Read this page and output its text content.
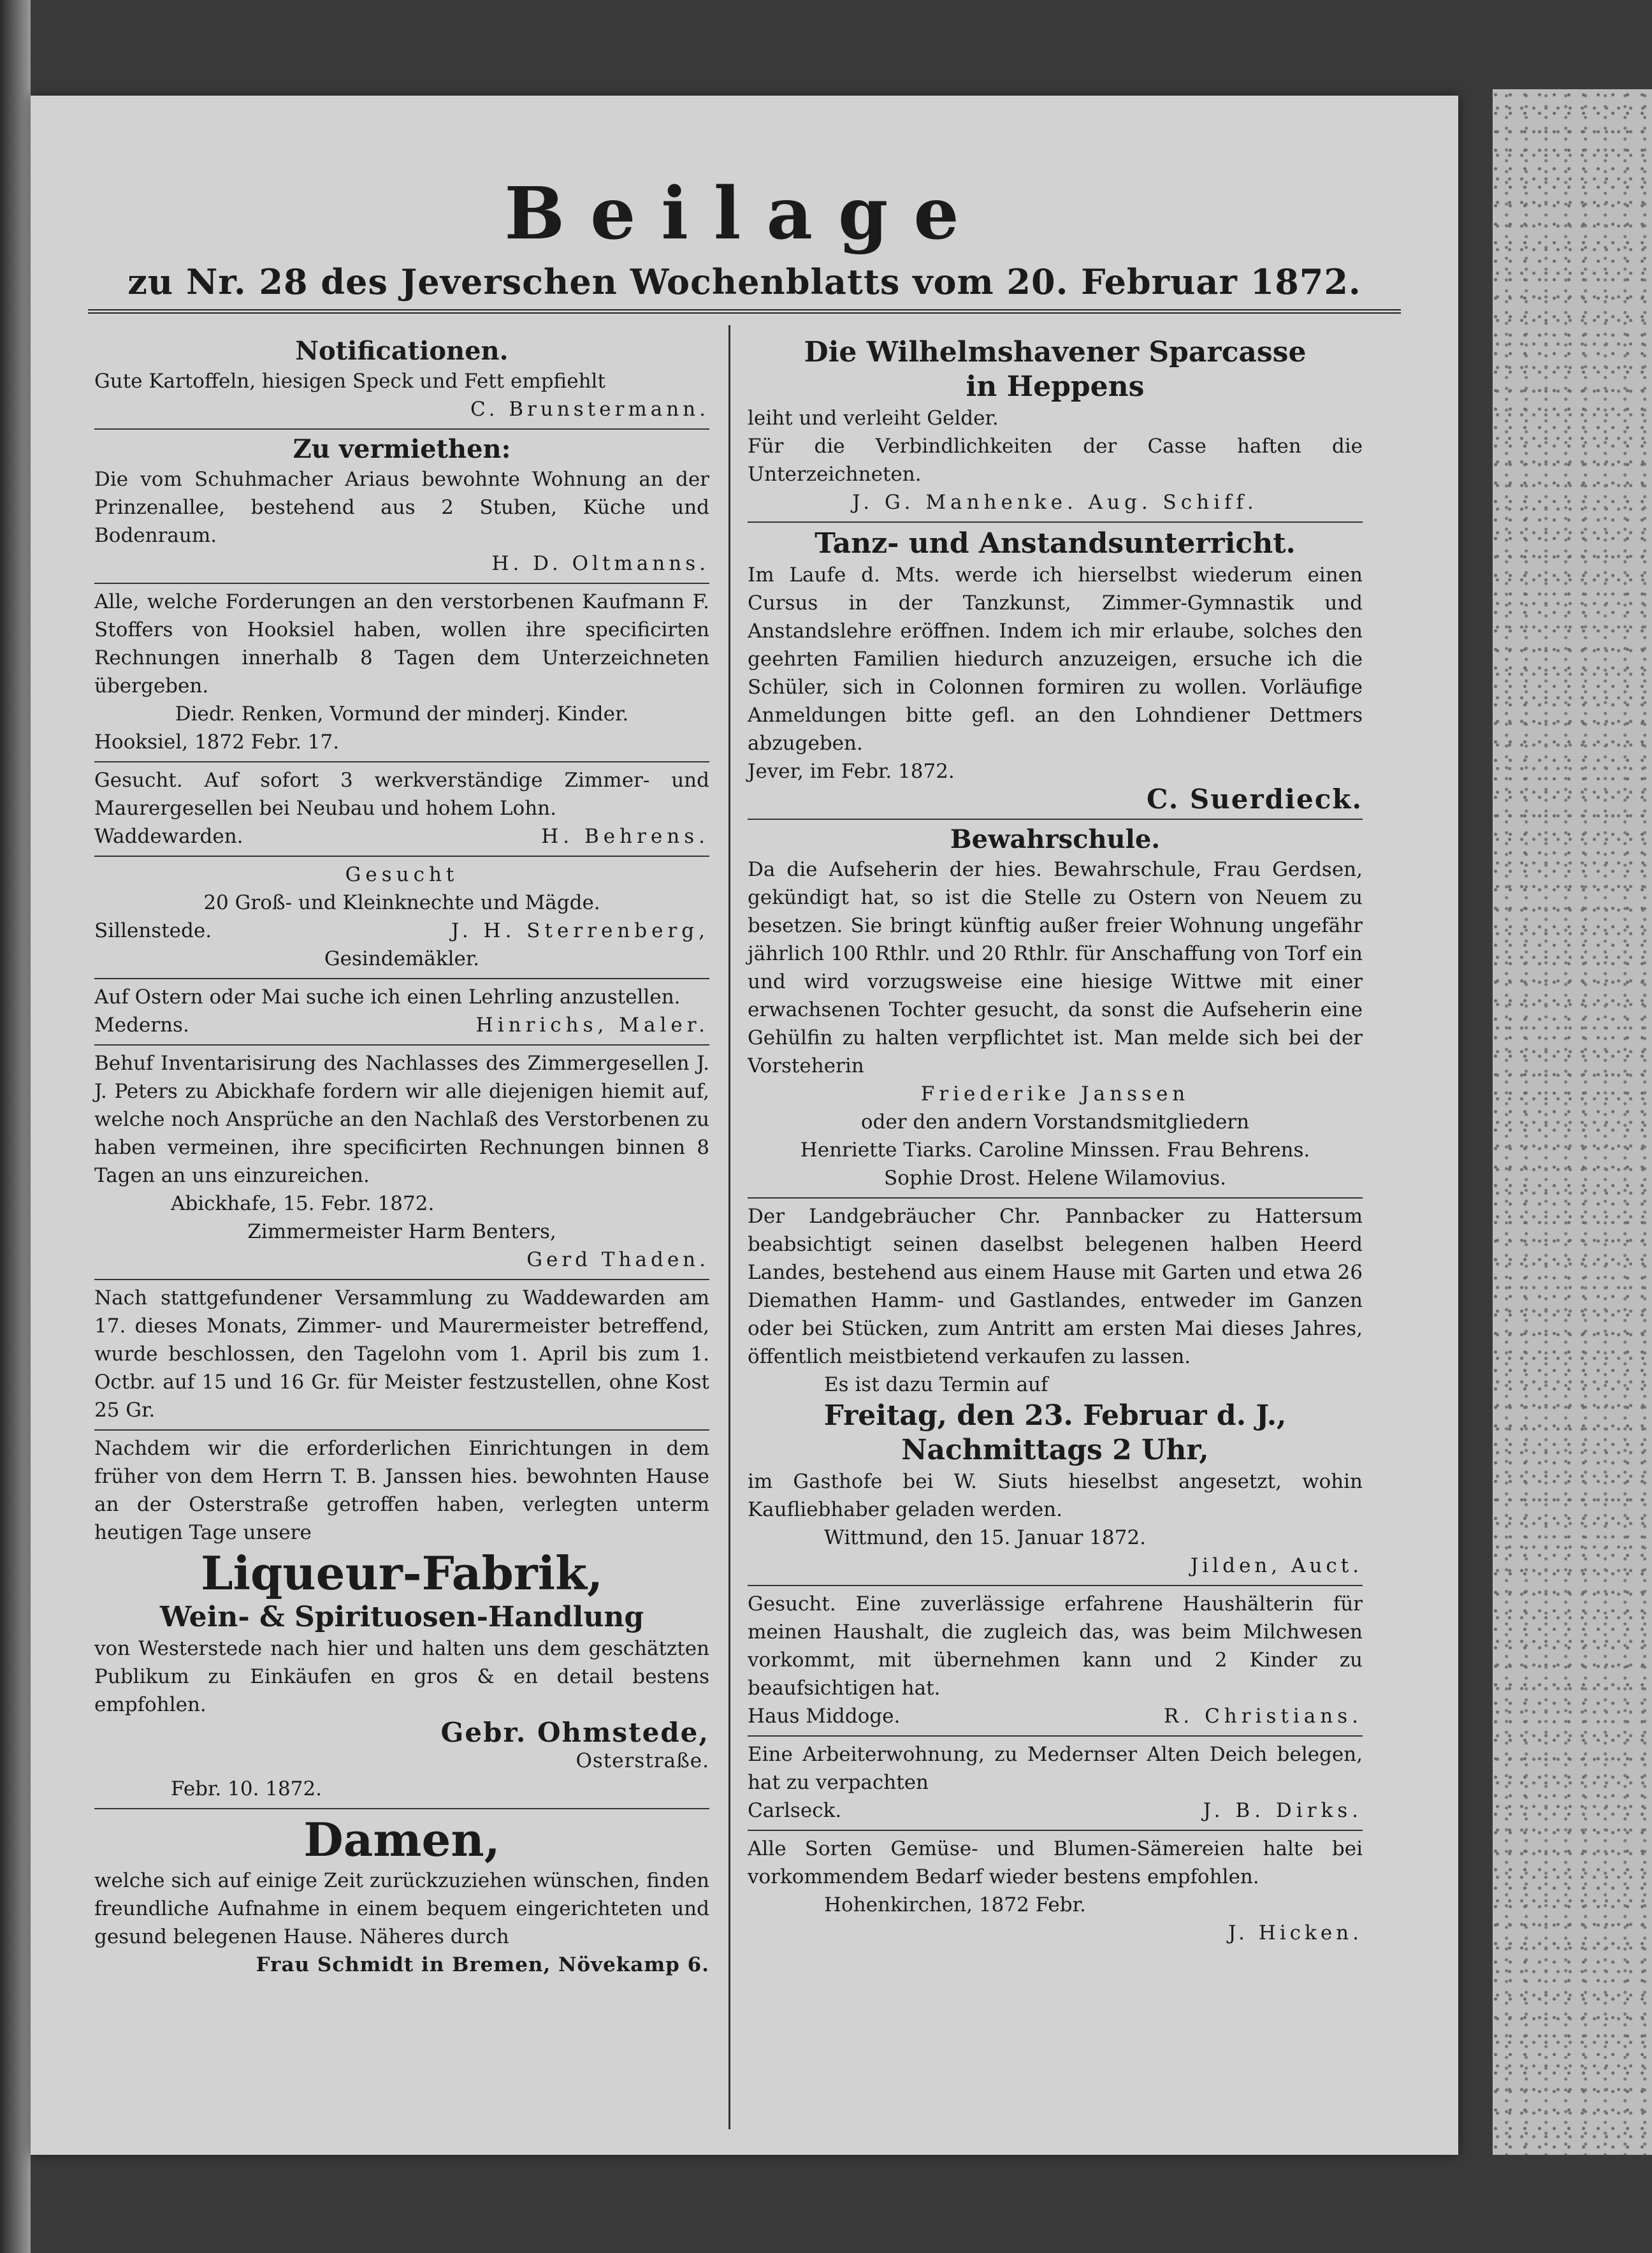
Beilage
zu Nr. 28 des Jeverschen Wochenblatts vom 20. Februar 1872.
Notificationen.
Gute Kartoffeln, hiesigen Speck und Fett empfiehlt
C. Brunstermann.
Zu vermiethen:
Die vom Schuhmacher Ariaus bewohnte Wohnung an der Prinzenallee, bestehend aus 2 Stuben, Küche und Bodenraum.
H. D. Oltmanns.
Alle, welche Forderungen an den verstorbenen Kaufmann F. Stoffers von Hooksiel haben, wollen ihre specificirten Rechnungen innerhalb 8 Tagen dem Unterzeichneten übergeben.
Diedr. Renken, Vormund der minderj. Kinder.
Hooksiel, 1872 Febr. 17.
Gesucht. Auf sofort 3 werkverständige Zimmer- und Maurergesellen bei Neubau und hohem Lohn.
Waddewarden.	H. Behrens.
Gesucht
20 Groß- und Kleinknechte und Mägde.
Sillenstede.	J. H. Sterrenberg,
Gesindemäkler.
Auf Ostern oder Mai suche ich einen Lehrling anzustellen.
Mederns.	Hinrichs, Maler.
Behuf Inventarisirung des Nachlasses des Zimmergesellen J. J. Peters zu Abickhafe fordern wir alle diejenigen hiemit auf, welche noch Ansprüche an den Nachlaß des Verstorbenen zu haben vermeinen, ihre specificirten Rechnungen binnen 8 Tagen an uns einzureichen.
Abickhafe, 15. Febr. 1872.
Zimmermeister Harm Benters,
Gerd Thaden.
Nach stattgefundener Versammlung zu Waddewarden am 17. dieses Monats, Zimmer- und Maurermeister betreffend, wurde beschlossen, den Tagelohn vom 1. April bis zum 1. Octbr. auf 15 und 16 Gr. für Meister festzustellen, ohne Kost 25 Gr.
Nachdem wir die erforderlichen Einrichtungen in dem früher von dem Herrn T. B. Janssen hies. bewohnten Hause an der Osterstraße getroffen haben, verlegten unterm heutigen Tage unsere
Liqueur-Fabrik,
Wein- & Spirituosen-Handlung
von Westerstede nach hier und halten uns dem geschätzten Publikum zu Einkäufen en gros & en detail bestens empfohlen.
Gebr. Ohmstede,
Osterstraße.
Febr. 10. 1872.
Damen,
welche sich auf einige Zeit zurückzuziehen wünschen, finden freundliche Aufnahme in einem bequem eingerichteten und gesund belegenen Hause. Näheres durch
Frau Schmidt in Bremen, Növekamp 6.
Die Wilhelmshavener Sparcasse
in Heppens
leiht und verleiht Gelder.
Für die Verbindlichkeiten der Casse haften die Unterzeichneten.
J. G. Manhenke. Aug. Schiff.
Tanz- und Anstandsunterricht.
Im Laufe d. Mts. werde ich hierselbst wiederum einen Cursus in der Tanzkunst, Zimmer-Gymnastik und Anstandslehre eröffnen. Indem ich mir erlaube, solches den geehrten Familien hiedurch anzuzeigen, ersuche ich die Schüler, sich in Colonnen formiren zu wollen. Vorläufige Anmeldungen bitte gefl. an den Lohndiener Dettmers abzugeben.
Jever, im Febr. 1872.
C. Suerdieck.
Bewahrschule.
Da die Aufseherin der hies. Bewahrschule, Frau Gerdsen, gekündigt hat, so ist die Stelle zu Ostern von Neuem zu besetzen. Sie bringt künftig außer freier Wohnung ungefähr jährlich 100 Rthlr. und 20 Rthlr. für Anschaffung von Torf ein und wird vorzugsweise eine hiesige Wittwe mit einer erwachsenen Tochter gesucht, da sonst die Aufseherin eine Gehülfin zu halten verpflichtet ist. Man melde sich bei der Vorsteherin
Friederike Janssen
oder den andern Vorstandsmitgliedern
Henriette Tiarks. Caroline Minssen. Frau Behrens.
Sophie Drost. Helene Wilamovius.
Der Landgebräucher Chr. Pannbacker zu Hattersum beabsichtigt seinen daselbst belegenen halben Heerd Landes, bestehend aus einem Hause mit Garten und etwa 26 Diemathen Hamm- und Gastlandes, entweder im Ganzen oder bei Stücken, zum Antritt am ersten Mai dieses Jahres, öffentlich meistbietend verkaufen zu lassen.
Es ist dazu Termin auf
Freitag, den 23. Februar d. J.,
Nachmittags 2 Uhr,
im Gasthofe bei W. Siuts hieselbst angesetzt, wohin Kaufliebhaber geladen werden.
Wittmund, den 15. Januar 1872.
Jilden, Auct.
Gesucht. Eine zuverlässige erfahrene Haushälterin für meinen Haushalt, die zugleich das, was beim Milchwesen vorkommt, mit übernehmen kann und 2 Kinder zu beaufsichtigen hat.
Haus Middoge.	R. Christians.
Eine Arbeiterwohnung, zu Medernser Alten Deich belegen, hat zu verpachten
Carlseck.	J. B. Dirks.
Alle Sorten Gemüse- und Blumen-Sämereien halte bei vorkommendem Bedarf wieder bestens empfohlen.
Hohenkirchen, 1872 Febr.
J. Hicken.
